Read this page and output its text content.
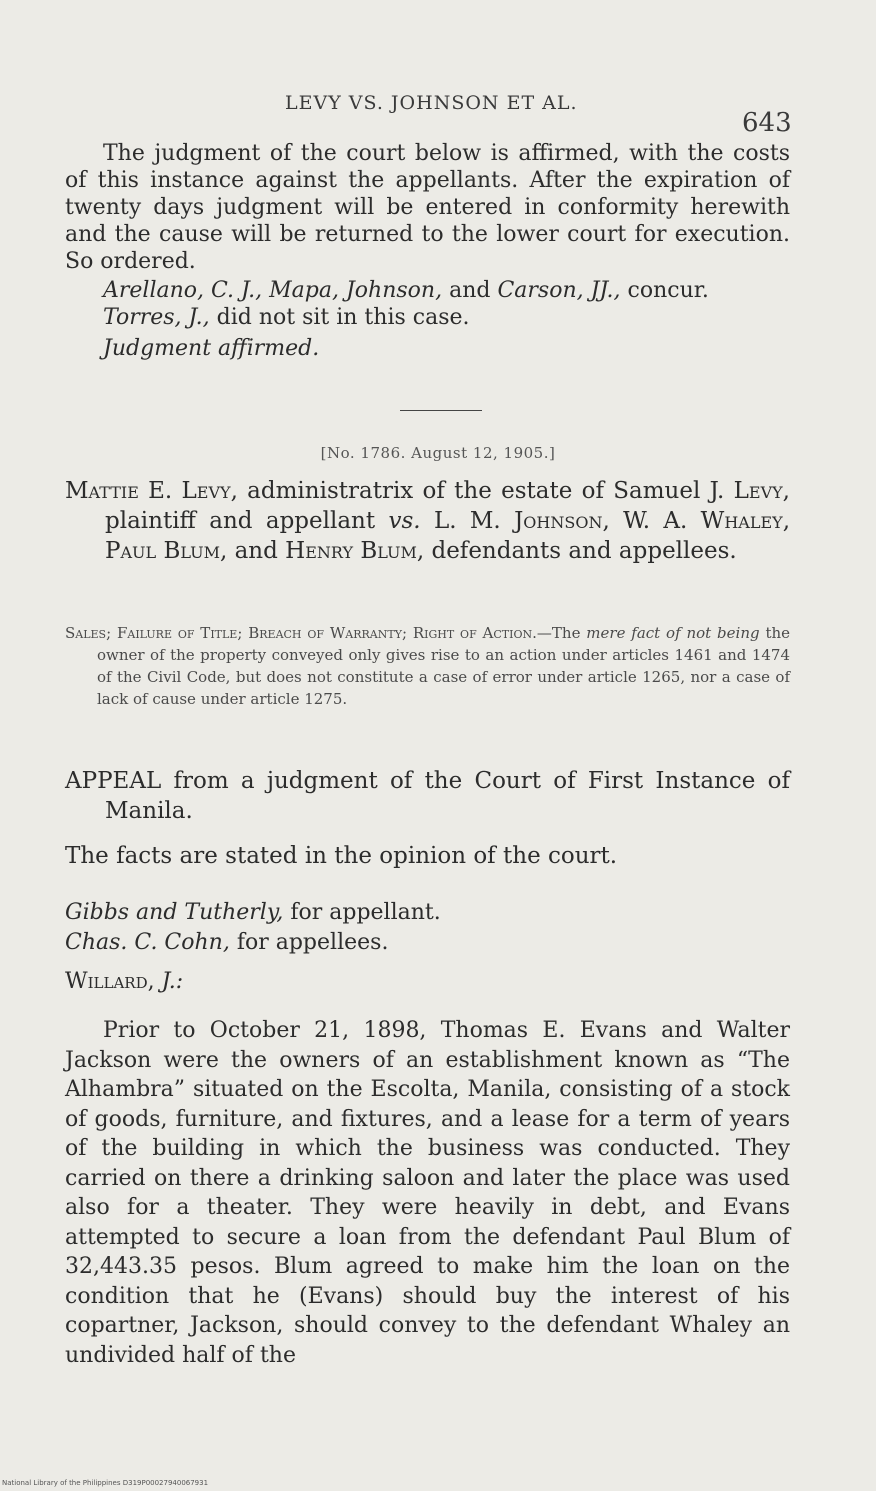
LEVY VS. JOHNSON ET AL.
643

The judgment of the court below is affirmed, with the costs of this instance against the appellants. After the expiration of twenty days judgment will be entered in conformity herewith and the cause will be returned to the lower court for execution. So ordered.

Arellano, C. J., Mapa, Johnson, and Carson, JJ., concur.

Torres, J., did not sit in this case.

Judgment affirmed.

[No. 1786. August 12, 1905.]

Mattie E. Levy, administratrix of the estate of Samuel J. Levy, plaintiff and appellant vs. L. M. Johnson, W. A. Whaley, Paul Blum, and Henry Blum, defendants and appellees.

Sales; Failure of Title; Breach of Warranty; Right of Action.—The mere fact of not being the owner of the property conveyed only gives rise to an action under articles 1461 and 1474 of the Civil Code, but does not constitute a case of error under article 1265, nor a case of lack of cause under article 1275.

APPEAL from a judgment of the Court of First Instance of Manila.

The facts are stated in the opinion of the court.

Gibbs and Tutherly, for appellant.

Chas. C. Cohn, for appellees.

Willard, J.:

Prior to October 21, 1898, Thomas E. Evans and Walter Jackson were the owners of an establishment known as “The Alhambra” situated on the Escolta, Manila, consisting of a stock of goods, furniture, and fixtures, and a lease for a term of years of the building in which the business was conducted. They carried on there a drinking saloon and later the place was used also for a theater. They were heavily in debt, and Evans attempted to secure a loan from the defendant Paul Blum of 32,443.35 pesos. Blum agreed to make him the loan on the condition that he (Evans) should buy the interest of his copartner, Jackson, should convey to the defendant Whaley an undivided half of the

National Library of the Philippines D319P00027940067931
